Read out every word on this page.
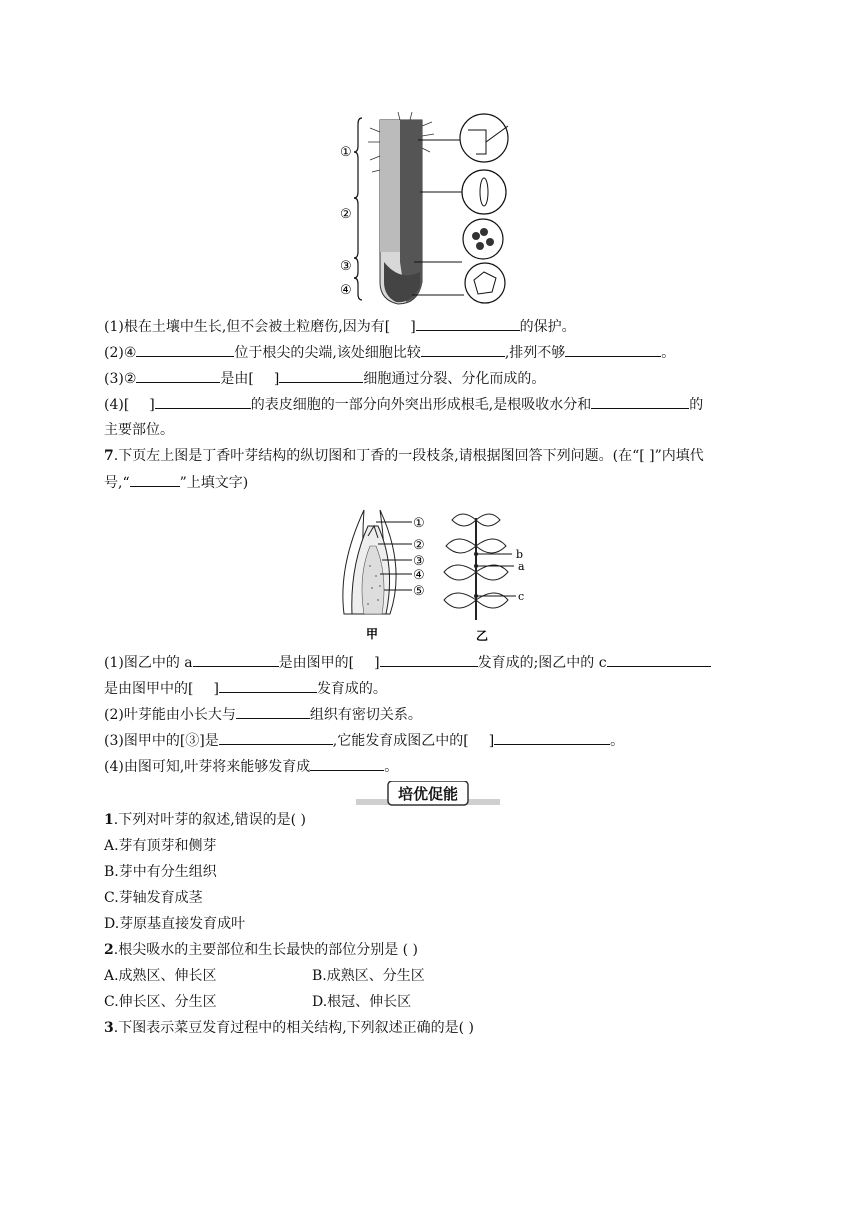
①
②
③
④
(1)根在土壤中生长,但不会被土粒磨伤,因为有[ ]	的保护。
(2)④	位于根尖的尖端,该处细胞比较	,排列不够	。
(3)②	是由[ ]	细胞通过分裂、分化而成的。
(4)[ ]	的表皮细胞的一部分向外突出形成根毛,是根吸收水分和	的
主要部位。
7.下页左上图是丁香叶芽结构的纵切图和丁香的一段枝条,请根据图回答下列问题。(在“[ ]”内填代
号,“	”上填文字)
①
②
③
④
⑤
甲
b
a
c
乙
(1)图乙中的 a	是由图甲的[ ]	发育成的;图乙中的 c
是由图甲中的[ ]	发育成的。
(2)叶芽能由小长大与	组织有密切关系。
(3)图甲中的[③]是	,它能发育成图乙中的[ ]	。
(4)由图可知,叶芽将来能够发育成	。
培优促能
1.下列对叶芽的叙述,错误的是( )
A.芽有顶芽和侧芽
B.芽中有分生组织
C.芽轴发育成茎
D.芽原基直接发育成叶
2.根尖吸水的主要部位和生长最快的部位分别是 ( )
A.成熟区、伸长区	B.成熟区、分生区
C.伸长区、分生区	D.根冠、伸长区
3.下图表示菜豆发育过程中的相关结构,下列叙述正确的是( )
